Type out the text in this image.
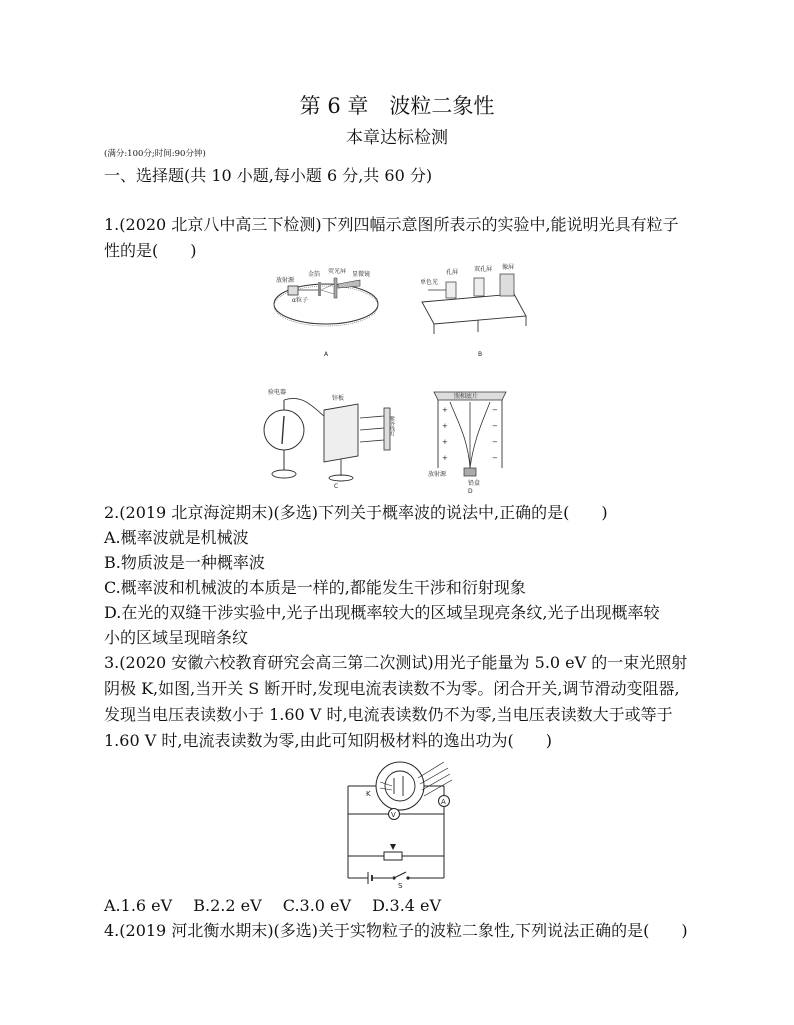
第 6 章　波粒二象性
本章达标检测
(满分:100分;时间:90分钟)
一、选择题(共 10 小题,每小题 6 分,共 60 分)
1.(2020 北京八中高三下检测)下列四幅示意图所表示的实验中,能说明光具有粒子
性的是(　　)
放射源
金箔 荧光屏 显微镜
α粒子
A
单色光
孔屏	双孔屏 像屏
B
验电器
锌板
紫外线灯
C
+
+
+
+
−
−
−
−
照相底片
放射源
铅盒
D
2.(2019 北京海淀期末)(多选)下列关于概率波的说法中,正确的是(　　)
A.概率波就是机械波
B.物质波是一种概率波
C.概率波和机械波的本质是一样的,都能发生干涉和衍射现象
D.在光的双缝干涉实验中,光子出现概率较大的区域呈现亮条纹,光子出现概率较
小的区域呈现暗条纹
3.(2020 安徽六校教育研究会高三第二次测试)用光子能量为 5.0 eV 的一束光照射
阴极 K,如图,当开关 S 断开时,发现电流表读数不为零。闭合开关,调节滑动变阻器,
发现当电压表读数小于 1.60 V 时,电流表读数仍不为零,当电压表读数大于或等于
1.60 V 时,电流表读数为零,由此可知阴极材料的逸出功为(　　)
A
V
K
S
A.1.6 eV　 B.2.2 eV　 C.3.0 eV　 D.3.4 eV
4.(2019 河北衡水期末)(多选)关于实物粒子的波粒二象性,下列说法正确的是(　　)
